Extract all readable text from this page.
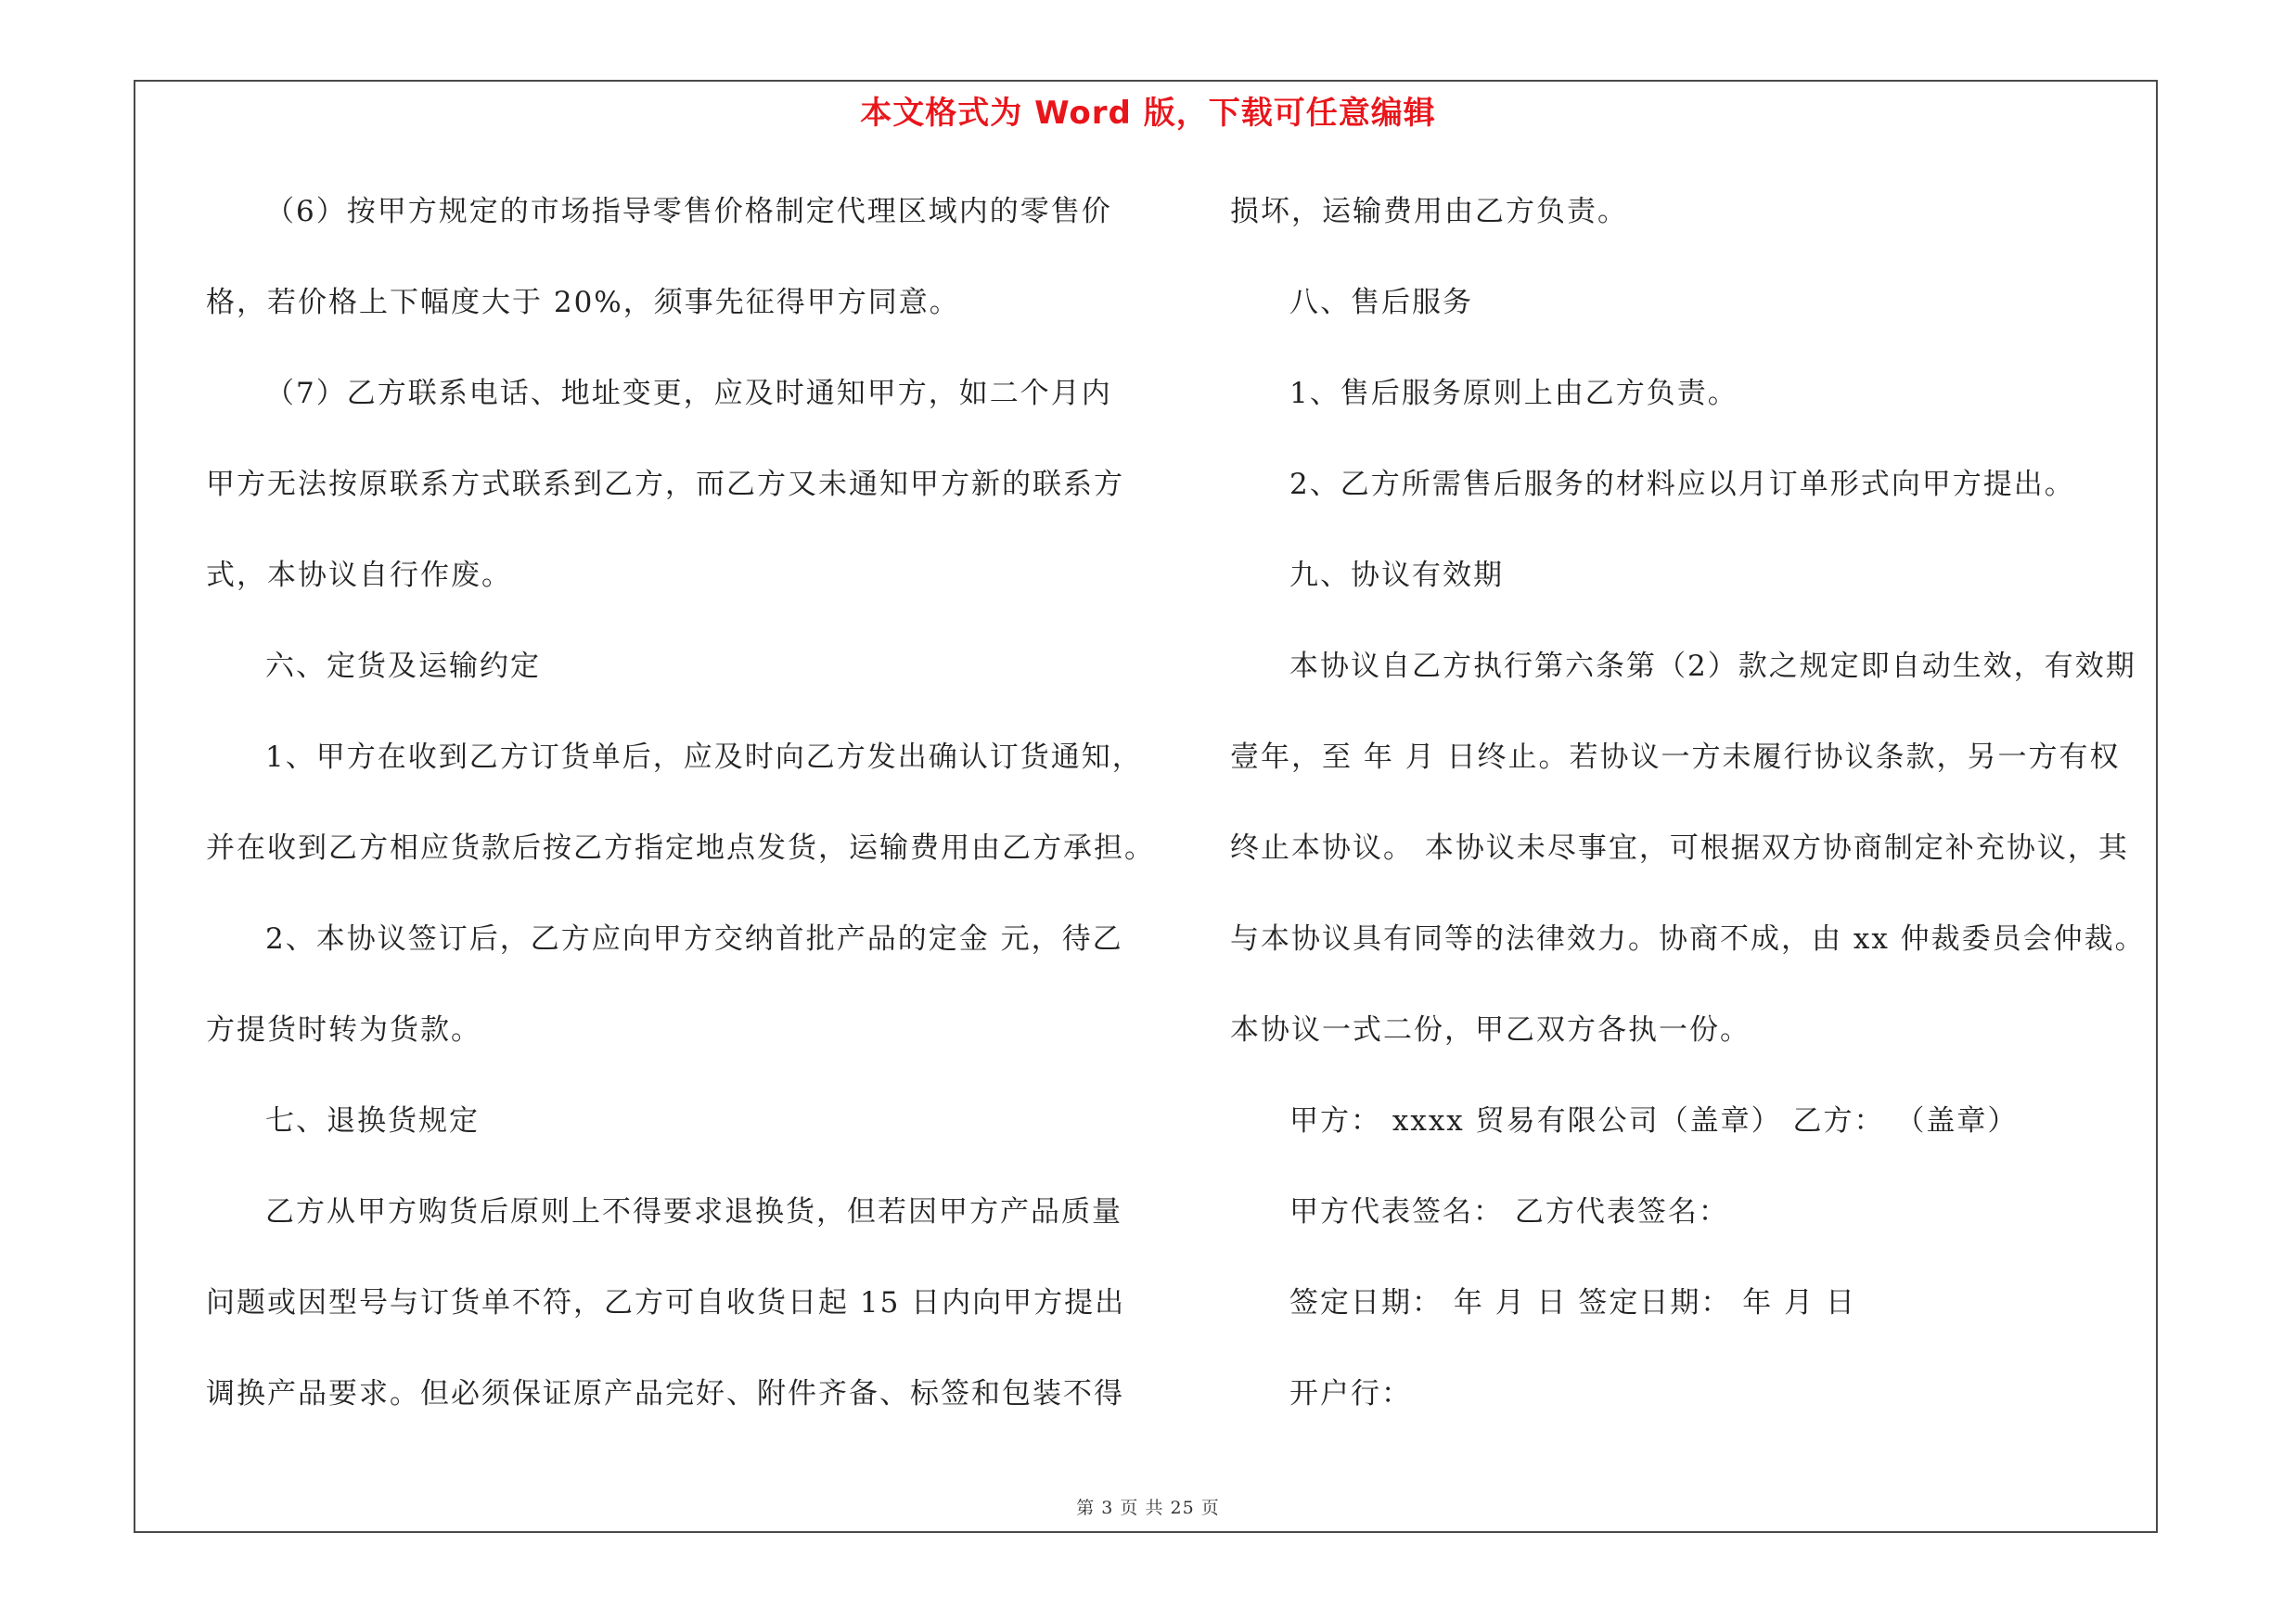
本文格式为 Word 版，下载可任意编辑
（6）按甲方规定的市场指导零售价格制定代理区域内的零售价
格，若价格上下幅度大于 20%，须事先征得甲方同意。
（7）乙方联系电话、地址变更，应及时通知甲方，如二个月内
甲方无法按原联系方式联系到乙方，而乙方又未通知甲方新的联系方
式，本协议自行作废。
六、定货及运输约定
1、甲方在收到乙方订货单后，应及时向乙方发出确认订货通知，
并在收到乙方相应货款后按乙方指定地点发货，运输费用由乙方承担。
2、本协议签订后，乙方应向甲方交纳首批产品的定金 元，待乙
方提货时转为货款。
七、退换货规定
乙方从甲方购货后原则上不得要求退换货，但若因甲方产品质量
问题或因型号与订货单不符，乙方可自收货日起 15 日内向甲方提出
调换产品要求。但必须保证原产品完好、附件齐备、标签和包装不得
损坏，运输费用由乙方负责。
八、售后服务
1、售后服务原则上由乙方负责。
2、乙方所需售后服务的材料应以月订单形式向甲方提出。
九、协议有效期
本协议自乙方执行第六条第（2）款之规定即自动生效，有效期
壹年，至 年 月 日终止。若协议一方未履行协议条款，另一方有权
终止本协议。 本协议未尽事宜，可根据双方协商制定补充协议，其
与本协议具有同等的法律效力。协商不成，由 xx 仲裁委员会仲裁。
本协议一式二份，甲乙双方各执一份。
甲方： xxxx 贸易有限公司（盖章） 乙方： （盖章）
甲方代表签名： 乙方代表签名：
签定日期： 年 月 日 签定日期： 年 月 日
开户行：
第 3 页 共 25 页
